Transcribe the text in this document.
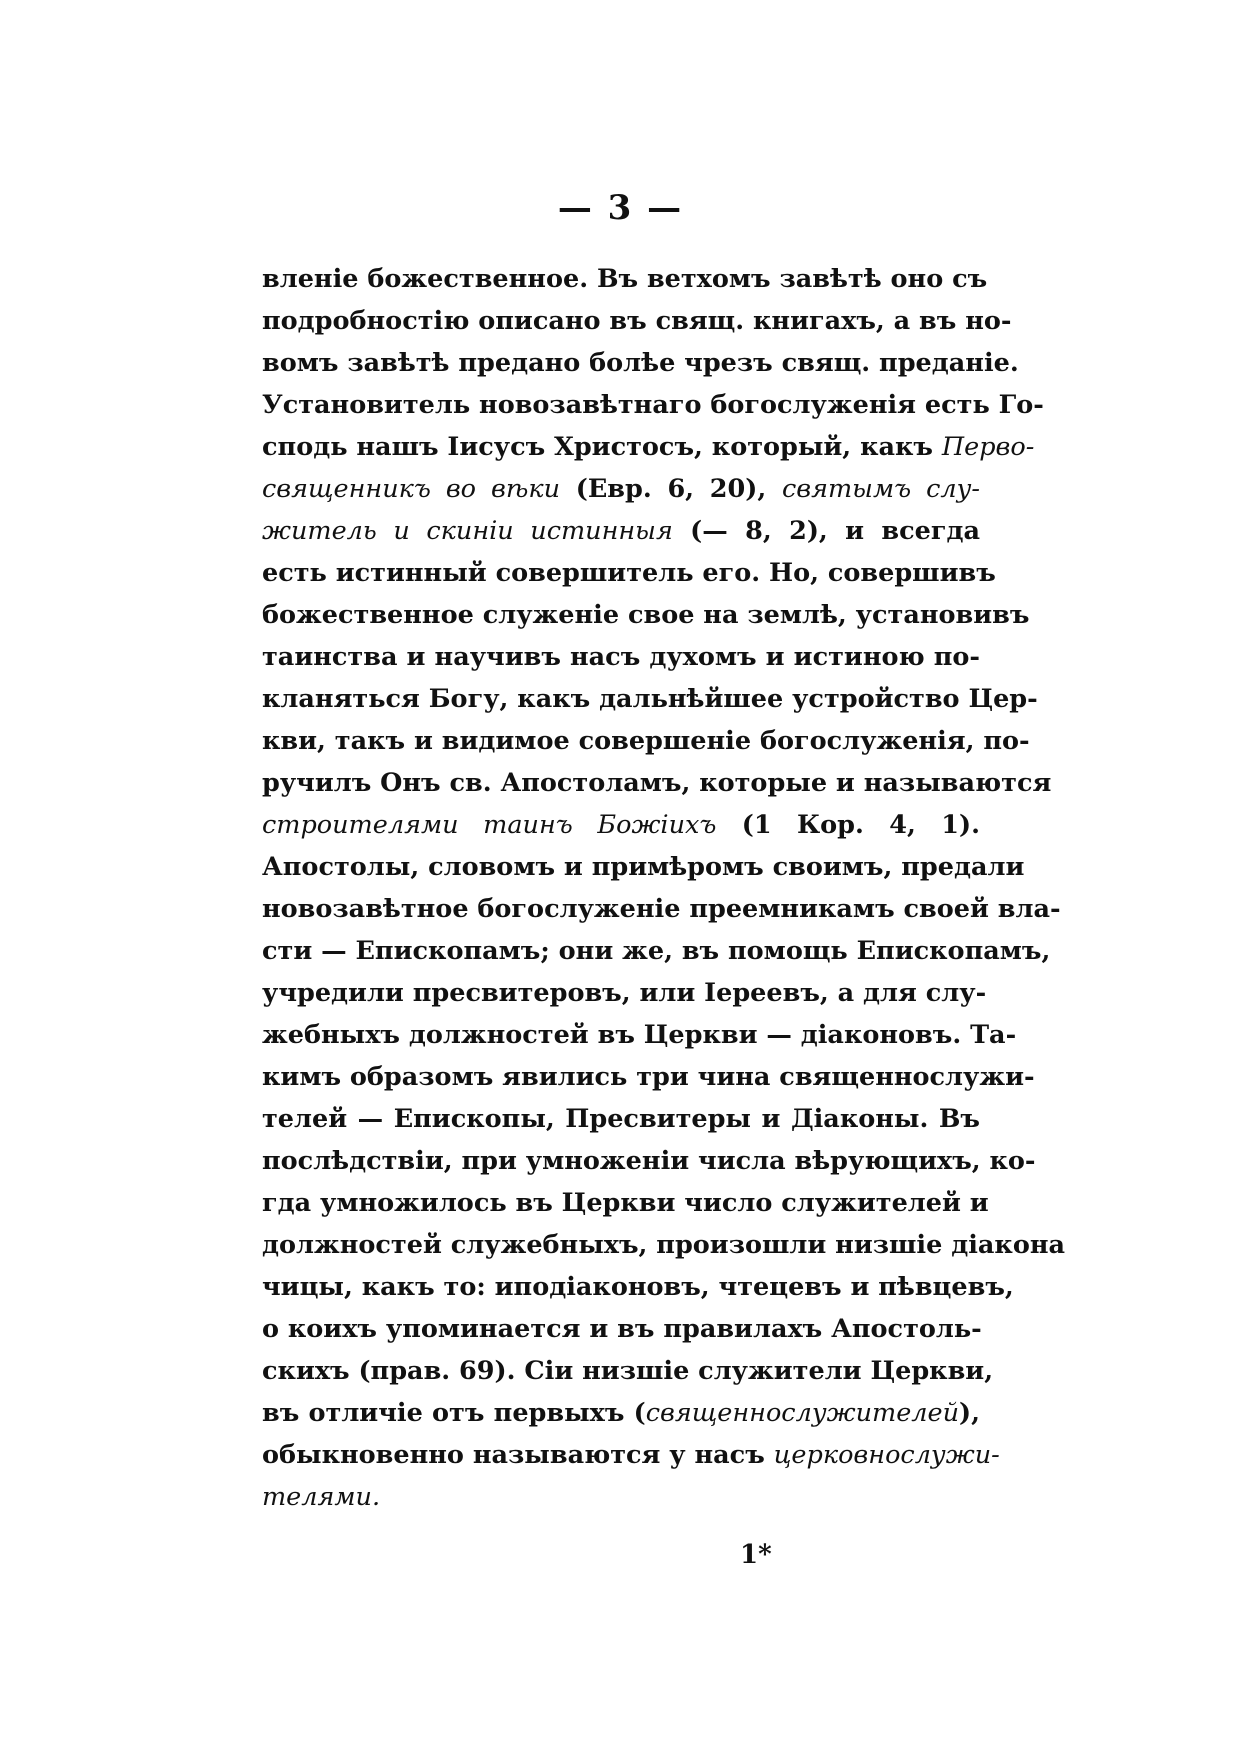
— 3 —
вленіе божественное. Въ ветхомъ завѣтѣ оно съ
подробностію описано въ свящ. книгахъ, а въ но-
вомъ завѣтѣ предано болѣе чрезъ свящ. преданіе.
Установитель новозавѣтнаго богослуженія есть Го-
сподь нашъ Іисусъ Христосъ, который, какъ Перво-
священникъ во вѣки (Евр. 6, 20), святымъ слу-
житель и скиніи истинныя (— 8, 2), и всегда
есть истинный совершитель его. Но, совершивъ
божественное служеніе свое на землѣ, установивъ
таинства и научивъ насъ духомъ и истиною по-
кланяться Богу, какъ дальнѣйшее устройство Цер-
кви, такъ и видимое совершеніе богослуженія, по-
ручилъ Онъ св. Апостоламъ, которые и называются
строителями таинъ Божіихъ (1 Кор. 4, 1).
Апостолы, словомъ и примѣромъ своимъ, предали
новозавѣтное богослуженіе преемникамъ своей вла-
сти — Епископамъ; они же, въ помощь Епископамъ,
учредили пресвитеровъ, или Іереевъ, а для слу-
жебныхъ должностей въ Церкви — діаконовъ. Та-
кимъ образомъ явились три чина священнослужи-
телей — Епископы, Пресвитеры и Діаконы. Въ
послѣдствіи, при умноженіи числа вѣрующихъ, ко-
гда умножилось въ Церкви число служителей и
должностей служебныхъ, произошли низшіе діакона
чицы, какъ то: иподіаконовъ, чтецевъ и пѣвцевъ,
о коихъ упоминается и въ правилахъ Апостоль-
скихъ (прав. 69). Сіи низшіе служители Церкви,
въ отличіе отъ первыхъ (священнослужителей),
обыкновенно называются у насъ церковнослужи-
телями.
1*
